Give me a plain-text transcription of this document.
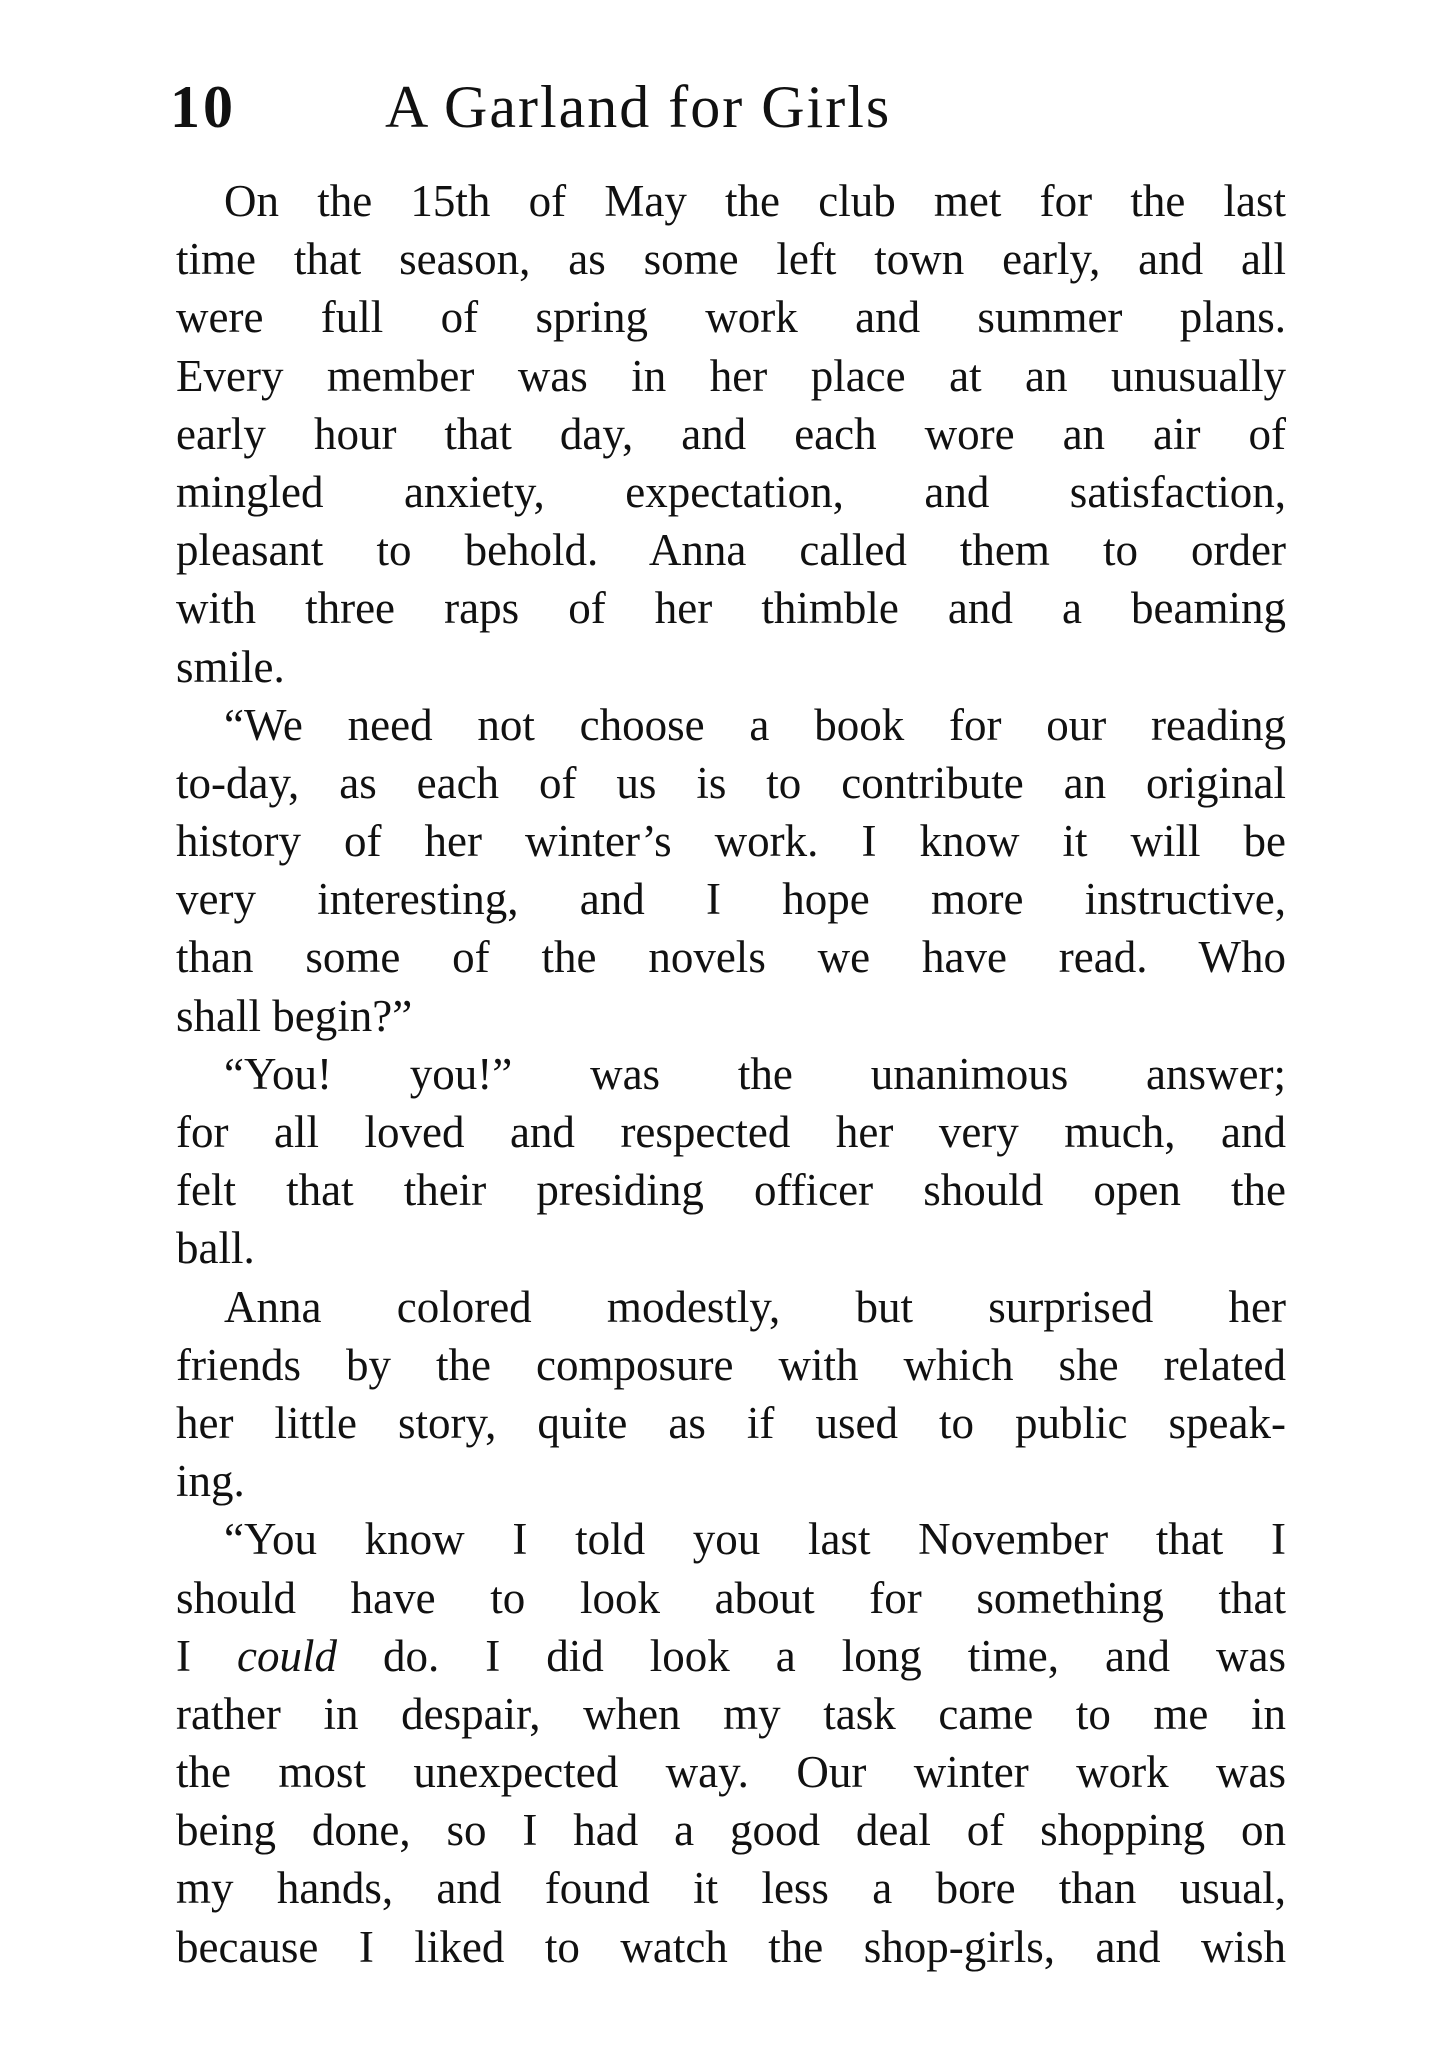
10 A Garland for Girls
On the 15th of May the club met for the last
time that season, as some left town early, and all
were full of spring work and summer plans.
Every member was in her place at an unusually
early hour that day, and each wore an air of
mingled anxiety, expectation, and satisfaction,
pleasant to behold. Anna called them to order
with three raps of her thimble and a beaming
smile.
“We need not choose a book for our reading
to-day, as each of us is to contribute an original
history of her winter’s work. I know it will be
very interesting, and I hope more instructive,
than some of the novels we have read. Who
shall begin?”
“You! you!” was the unanimous answer;
for all loved and respected her very much, and
felt that their presiding officer should open the
ball.
Anna colored modestly, but surprised her
friends by the composure with which she related
her little story, quite as if used to public speak-
ing.
“You know I told you last November that I
should have to look about for something that
I could do. I did look a long time, and was
rather in despair, when my task came to me in
the most unexpected way. Our winter work was
being done, so I had a good deal of shopping on
my hands, and found it less a bore than usual,
because I liked to watch the shop-girls, and wish
